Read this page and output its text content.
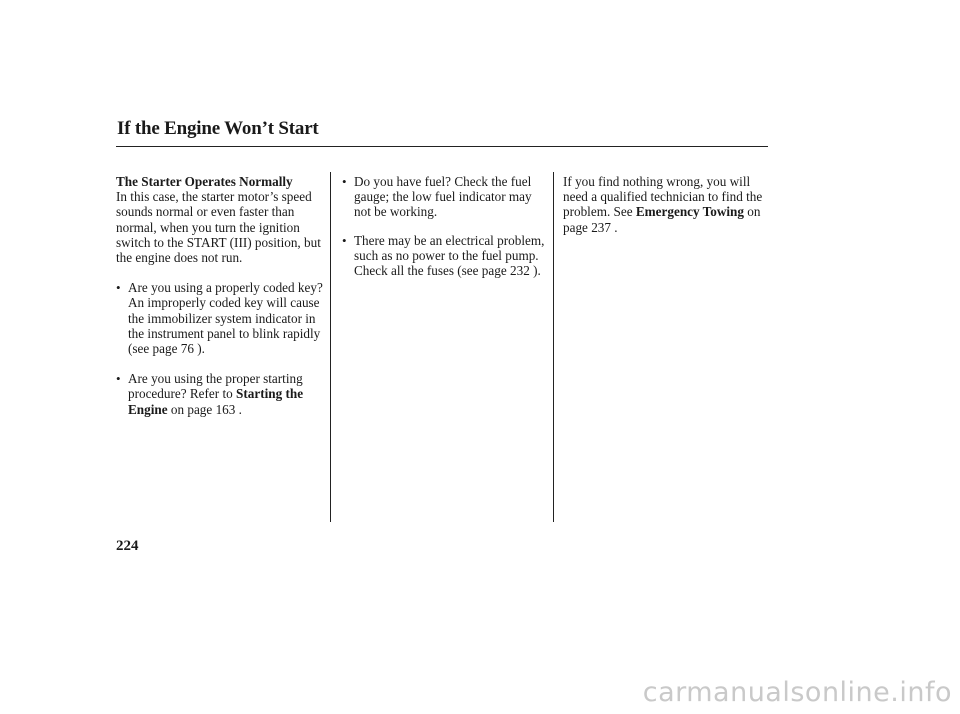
If the Engine Won’t Start

The Starter Operates Normally

In this case, the starter motor’s speed sounds normal or even faster than normal, when you turn the ignition switch to the START (III) position, but the engine does not run.

• Are you using a properly coded key? An improperly coded key will cause the immobilizer system indicator in the instrument panel to blink rapidly (see page 76 ).

• Are you using the proper starting procedure? Refer to Starting the Engine on page 163 .

• Do you have fuel? Check the fuel gauge; the low fuel indicator may not be working.

• There may be an electrical problem, such as no power to the fuel pump. Check all the fuses (see page 232 ).

If you find nothing wrong, you will need a qualified technician to find the problem. See Emergency Towing on page 237 .

224
carmanualsonline.info
